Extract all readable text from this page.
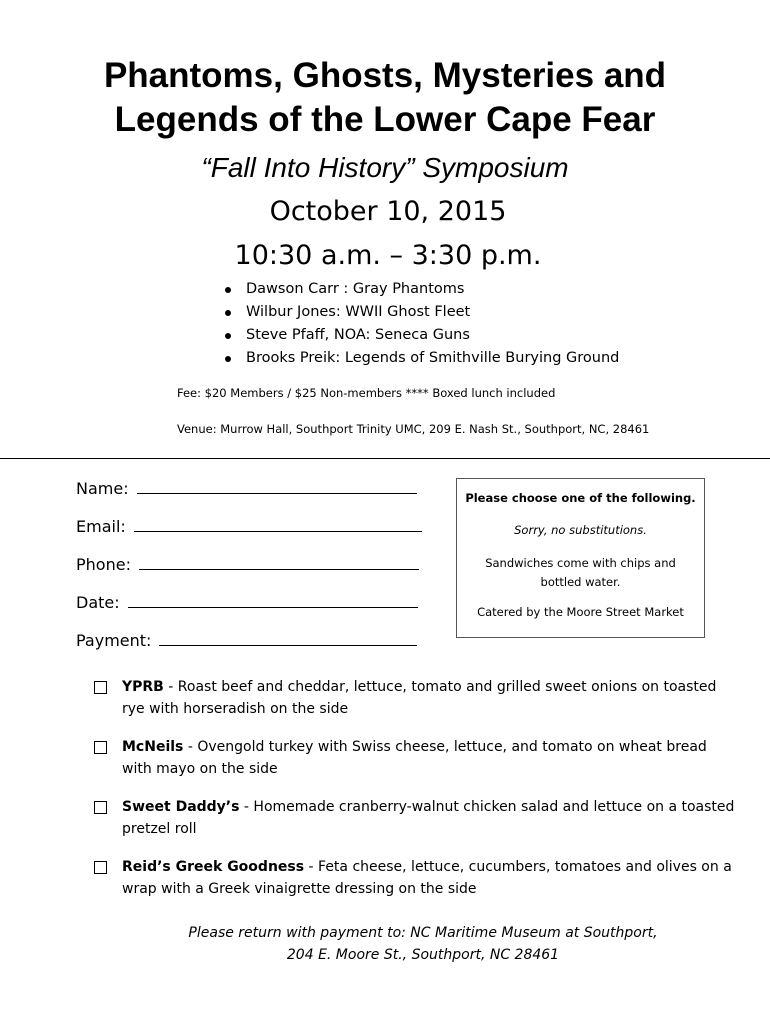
Phantoms, Ghosts, Mysteries and
Legends of the Lower Cape Fear
“Fall Into History” Symposium
October 10, 2015
10:30 a.m. – 3:30 p.m.
Dawson Carr : Gray Phantoms
Wilbur Jones: WWII Ghost Fleet
Steve Pfaff, NOA: Seneca Guns
Brooks Preik: Legends of Smithville Burying Ground
Fee: $20 Members / $25 Non-members **** Boxed lunch included
Venue: Murrow Hall, Southport Trinity UMC, 209 E. Nash St., Southport, NC, 28461
Name:
Email:
Phone:
Date:
Payment:
Please choose one of the following.
Sorry, no substitutions.
Sandwiches come with chips and bottled water.
Catered by the Moore Street Market
YPRB - Roast beef and cheddar, lettuce, tomato and grilled sweet onions on toasted rye with horseradish on the side
McNeils - Ovengold turkey with Swiss cheese, lettuce, and tomato on wheat bread with mayo on the side
Sweet Daddy’s - Homemade cranberry-walnut chicken salad and lettuce on a toasted pretzel roll
Reid’s Greek Goodness - Feta cheese, lettuce, cucumbers, tomatoes and olives on a wrap with a Greek vinaigrette dressing on the side
Please return with payment to: NC Maritime Museum at Southport,
204 E. Moore St., Southport, NC 28461
